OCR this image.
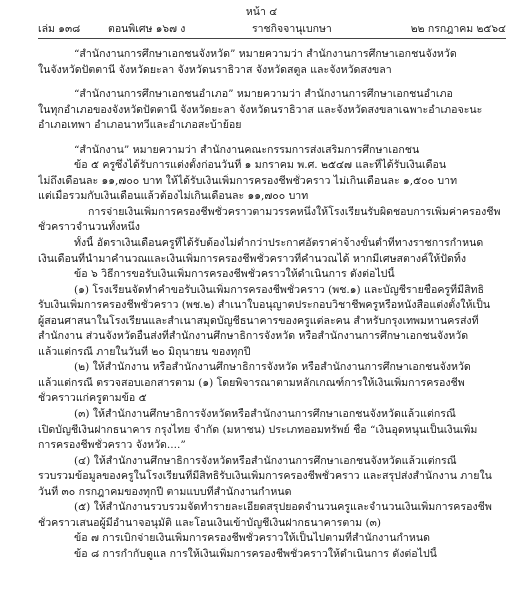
หน้า ๔
เล่ม ๑๓๘	ตอนพิเศษ ๑๖๗ ง	ราชกิจจานุเบกษา	๒๒ กรกฎาคม ๒๕๖๔
“สำนักงานการศึกษาเอกชนจังหวัด” หมายความว่า สำนักงานการศึกษาเอกชนจังหวัด
ในจังหวัดปัตตานี จังหวัดยะลา จังหวัดนราธิวาส จังหวัดสตูล และจังหวัดสงขลา
“สำนักงานการศึกษาเอกชนอำเภอ” หมายความว่า สำนักงานการศึกษาเอกชนอำเภอ
ในทุกอำเภอของจังหวัดปัตตานี จังหวัดยะลา จังหวัดนราธิวาส และจังหวัดสงขลาเฉพาะอำเภอจะนะ
อำเภอเทพา อำเภอนาทวีและอำเภอสะบ้าย้อย
“สำนักงาน” หมายความว่า สำนักงานคณะกรรมการส่งเสริมการศึกษาเอกชน
ข้อ ๕ ครูซึ่งได้รับการแต่งตั้งก่อนวันที่ ๑ มกราคม พ.ศ. ๒๕๔๗ และที่ได้รับเงินเดือน
ไม่ถึงเดือนละ ๑๑,๗๐๐ บาท ให้ได้รับเงินเพิ่มการครองชีพชั่วคราว ไม่เกินเดือนละ ๑,๕๐๐ บาท
แต่เมื่อรวมกับเงินเดือนแล้วต้องไม่เกินเดือนละ ๑๑,๗๐๐ บาท
การจ่ายเงินเพิ่มการครองชีพชั่วคราวตามวรรคหนึ่งให้โรงเรียนรับผิดชอบการเพิ่มค่าครองชีพ
ชั่วคราวจำนวนทั้งหนึ่ง
ทั้งนี้ อัตราเงินเดือนครูที่ได้รับต้องไม่ต่ำกว่าประกาศอัตราค่าจ้างขั้นต่ำที่ทางราชการกำหนด
เงินเดือนที่นำมาคำนวณและเงินเพิ่มการครองชีพชั่วคราวที่คำนวณได้ หากมีเศษสตางค์ให้ปัดทิ้ง
ข้อ ๖ วิธีการขอรับเงินเพิ่มการครองชีพชั่วคราวให้ดำเนินการ ดังต่อไปนี้
(๑) โรงเรียนจัดทำคำขอรับเงินเพิ่มการครองชีพชั่วคราว (พช.๑) และบัญชีรายชื่อครูที่มีสิทธิ
รับเงินเพิ่มการครองชีพชั่วคราว (พช.๒) สำเนาใบอนุญาตประกอบวิชาชีพครูหรือหนังสือแต่งตั้งให้เป็น
ผู้สอนศาสนาในโรงเรียนและสำเนาสมุดบัญชีธนาคารของครูแต่ละคน สำหรับกรุงเทพมหานครส่งที่
สำนักงาน ส่วนจังหวัดอื่นส่งที่สำนักงานศึกษาธิการจังหวัด หรือสำนักงานการศึกษาเอกชนจังหวัด
แล้วแต่กรณี ภายในวันที่ ๒๐ มิถุนายน ของทุกปี
(๒) ให้สำนักงาน หรือสำนักงานศึกษาธิการจังหวัด หรือสำนักงานการศึกษาเอกชนจังหวัด
แล้วแต่กรณี ตรวจสอบเอกสารตาม (๑) โดยพิจารณาตามหลักเกณฑ์การให้เงินเพิ่มการครองชีพ
ชั่วคราวแก่ครูตามข้อ ๕
(๓) ให้สำนักงานศึกษาธิการจังหวัดหรือสำนักงานการศึกษาเอกชนจังหวัดแล้วแต่กรณี
เปิดบัญชีเงินฝากธนาคาร กรุงไทย จำกัด (มหาชน) ประเภทออมทรัพย์ ชื่อ “เงินอุดหนุนเป็นเงินเพิ่ม
การครองชีพชั่วคราว จังหวัด....”
(๔) ให้สำนักงานศึกษาธิการจังหวัดหรือสำนักงานการศึกษาเอกชนจังหวัดแล้วแต่กรณี
รวบรวมข้อมูลของครูในโรงเรียนที่มีสิทธิรับเงินเพิ่มการครองชีพชั่วคราว และสรุปส่งสำนักงาน ภายใน
วันที่ ๓๐ กรกฎาคมของทุกปี ตามแบบที่สำนักงานกำหนด
(๕) ให้สำนักงานรวบรวมจัดทำรายละเอียดสรุปยอดจำนวนครูและจำนวนเงินเพิ่มการครองชีพ
ชั่วคราวเสนอผู้มีอำนาจอนุมัติ และโอนเงินเข้าบัญชีเงินฝากธนาคารตาม (๓)
ข้อ ๗ การเบิกจ่ายเงินเพิ่มการครองชีพชั่วคราวให้เป็นไปตามที่สำนักงานกำหนด
ข้อ ๘ การกำกับดูแล การให้เงินเพิ่มการครองชีพชั่วคราวให้ดำเนินการ ดังต่อไปนี้
